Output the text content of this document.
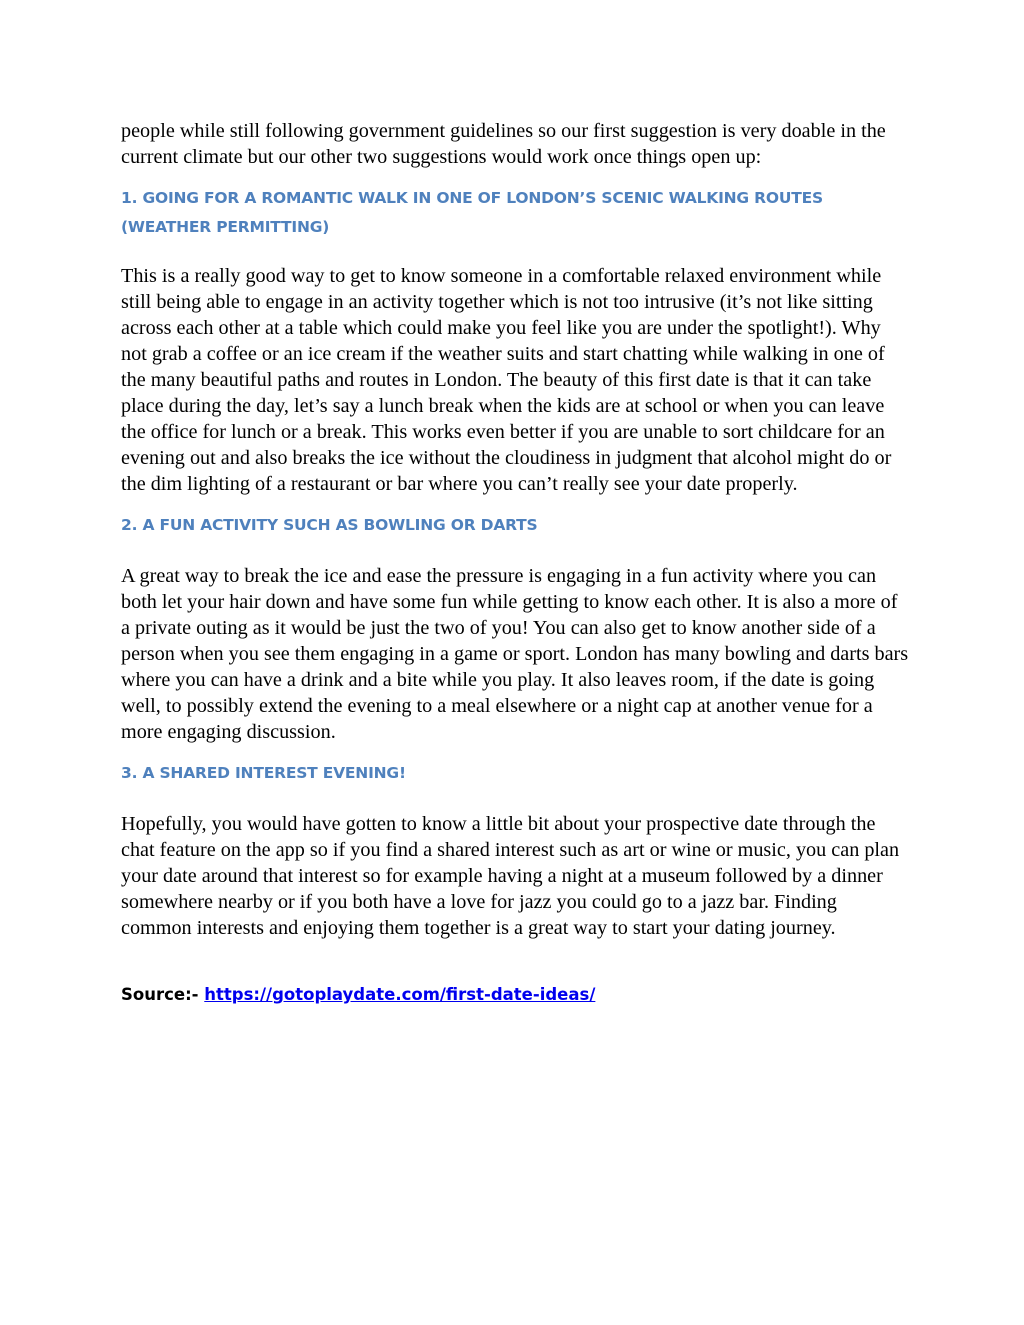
people while still following government guidelines so our first suggestion is very doable in the current climate but our other two suggestions would work once things open up:

1. GOING FOR A ROMANTIC WALK IN ONE OF LONDON’S SCENIC WALKING ROUTES (WEATHER PERMITTING)

This is a really good way to get to know someone in a comfortable relaxed environment while still being able to engage in an activity together which is not too intrusive (it’s not like sitting across each other at a table which could make you feel like you are under the spotlight!). Why not grab a coffee or an ice cream if the weather suits and start chatting while walking in one of the many beautiful paths and routes in London. The beauty of this first date is that it can take place during the day, let’s say a lunch break when the kids are at school or when you can leave the office for lunch or a break. This works even better if you are unable to sort childcare for an evening out and also breaks the ice without the cloudiness in judgment that alcohol might do or the dim lighting of a restaurant or bar where you can’t really see your date properly.

2. A FUN ACTIVITY SUCH AS BOWLING OR DARTS

A great way to break the ice and ease the pressure is engaging in a fun activity where you can both let your hair down and have some fun while getting to know each other. It is also a more of a private outing as it would be just the two of you! You can also get to know another side of a person when you see them engaging in a game or sport. London has many bowling and darts bars where you can have a drink and a bite while you play. It also leaves room, if the date is going well, to possibly extend the evening to a meal elsewhere or a night cap at another venue for a more engaging discussion.

3. A SHARED INTEREST EVENING!

Hopefully, you would have gotten to know a little bit about your prospective date through the chat feature on the app so if you find a shared interest such as art or wine or music, you can plan your date around that interest so for example having a night at a museum followed by a dinner somewhere nearby or if you both have a love for jazz you could go to a jazz bar. Finding common interests and enjoying them together is a great way to start your dating journey.

Source:- https://gotoplaydate.com/first-date-ideas/
